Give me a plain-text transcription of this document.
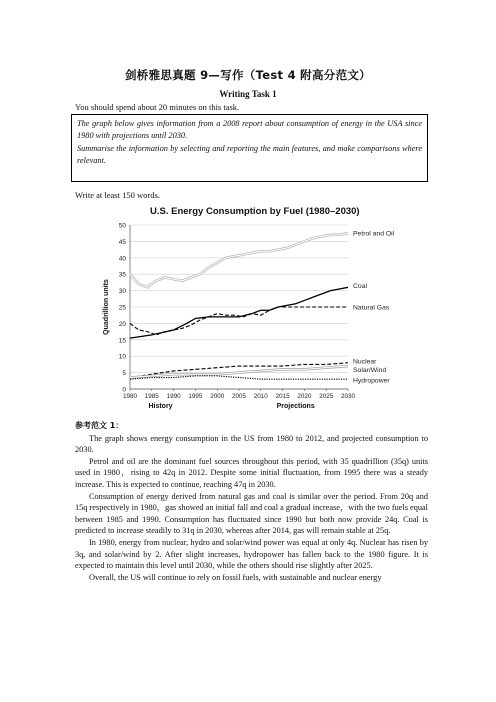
剑桥雅思真题 9—写作（Test 4 附高分范文）
Writing Task 1
You should spend about 20 minutes on this task.

The graph below gives information from a 2008 report about consumption of energy in the USA since 1980 with projections until 2030.

Summarise the information by selecting and reporting the main features, and make comparisons where relevant.

Write at least 150 words.
U.S. Energy Consumption by Fuel (1980–2030)
0
5
10
15
20
25
30
35
40
45
50
1980 1985 1990 1995 2000 2005 2010 2015 2020 2025 2030
Quadrillion units
History	Projections
Petrol and Oil
Coal
Natural Gas
Nuclear
Solar/Wind
Hydropower
参考范文 1：

The graph shows energy consumption in the US from 1980 to 2012, and projected consumption to 2030.

Petrol and oil are the dominant fuel sources throughout this period, with 35 quadrillion (35q) units used in 1980，rising to 42q in 2012. Despite some initial fluctuation, from 1995 there was a steady increase. This is expected to continue, reaching 47q in 2030.

Consumption of energy derived from natural gas and coal is similar over the period. From 20q and 15q respectively in 1980，gas showed an initial fall and coal a gradual increase，with the two fuels equal between 1985 and 1990. Consumption has fluctuated since 1990 but both now provide 24q. Coal is predicted to increase steadily to 31q in 2030, whereas after 2014, gas will remain stable at 25q.

In 1980, energy from nuclear, hydro and solar/wind power was equal at only 4q. Nuclear has risen by 3q, and solar/wind by 2. After slight increases, hydropower has fallen back to the 1980 figure. It is expected to maintain this level until 2030, while the others should rise slightly after 2025.

Overall, the US will continue to rely on fossil fuels, with sustainable and nuclear energy
